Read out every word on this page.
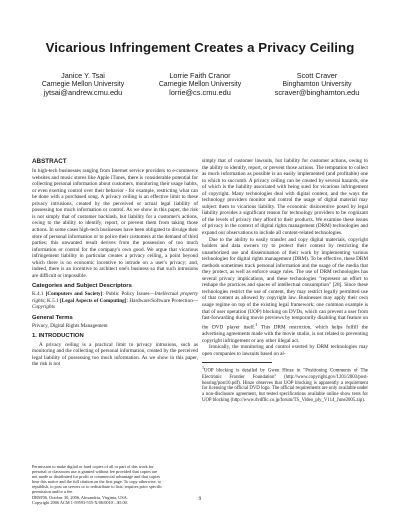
Vicarious Infringement Creates a Privacy Ceiling
Janice Y. Tsai
Carnegie Mellon University
jytsai@andrew.cmu.edu
Lorrie Faith Cranor
Carnegie Mellon University
lorrie@cs.cmu.edu
Scott Craver
Binghamton University
scraver@binghamton.edu
ABSTRACT

In high-tech businesses ranging from Internet service providers to e-commerce websites and music stores like Apple iTunes, there is considerable potential for collecting personal information about customers, monitoring their usage habits, or even exerting control over their behavior - for example, restricting what can be done with a purchased song. A privacy ceiling is an effective limit to these privacy intrusions, created by the perceived or actual legal liability of possessing too much information or control. As we show in this paper, the risk is not simply that of customer backlash, but liability for a customer's actions, owing to the ability to identify, report, or prevent them from taking those actions. In some cases high-tech businesses have been obligated to divulge their store of personal information or to police their customers at the demand of third parties; this unwanted result derives from the possession of too much information or control for the company's own good. We argue that vicarious infringement liability in particular creates a privacy ceiling, a point beyond which there is no economic incentive to intrude on a user's privacy; and, indeed, there is an incentive to architect one's business so that such intrusions are difficult or impossible.

Categories and Subject Descriptors

K.4.1 [Computers and Society]: Public Policy Issues—Intellectual property rights; K.5.1 [Legal Aspects of Computing]: Hardware/Software Protection—Copyrights

General Terms

Privacy, Digital Rights Management

1. INTRODUCTION

A privacy ceiling is a practical limit to privacy intrusions, such as monitoring and the collecting of personal information, created by the perceived legal liability of possessing too much information. As we show in this paper, the risk is not

Permission to make digital or hard copies of all or part of this work for
personal or classroom use is granted without fee provided that copies are
not made or distributed for profit or commercial advantage and that copies
bear this notice and the full citation on the first page. To copy otherwise, to
republish, to post on servers or to redistribute to lists, requires prior specific
permission and/or a fee.
DRM'06, October 30, 2006, Alexandria, Virginia, USA.
Copyright 2006 ACM 1-59593-555-X/06/0010 ...$5.00.

simply that of customer lawsuits, but liability for customer actions, owing to the ability to identify, report, or prevent those actions. The temptation to collect as much information as possible is an easily implemented (and profitable) one to which to succumb. A privacy ceiling can be created by several hazards, one of which is the liability associated with being sued for vicarious infringement of copyright. Many technologies deal with digital content, and the ways the technology providers monitor and control the usage of digital material may subject them to vicarious liability. The economic disincentive posed by legal liability provides a significant reason for technology providers to be cognizant of the levels of privacy they afford to their products. We examine these issues of privacy in the context of digital rights management (DRM) technologies and expand our observations to include all content-related technologies.

Due to the ability to easily transfer and copy digital materials, copyright holders and data owners try to protect their content by restricting the unauthorized use and dissemination of their work by implementing various technologies for digital rights management (DRM). To be effective, these DRM methods sometimes track personal information and the usage of the media that they protect, as well as enforce usage rules. The use of DRM technologies has several privacy implications, and these technologies "represent an effort to reshape the practices and spaces of intellectual consumption" [28]. Since these technologies restrict the use of content, they may restrict legally permitted use of that content as allowed by copyright law. Businesses may apply their own usage regime on top of the existing legal framework; one common example is that of user operation (UOP) blocking on DVDs, which can prevent a user from fast-forwarding during movie previews by temporarily disabling that feature on the DVD player itself.$^1$ This DRM restriction, which helps fulfill the advertising agreements made with the movie studio, is not related to preventing copyright infringement or any other illegal act.

Ironically, the monitoring and control exerted by DRM technologies may open companies to lawsuits based on al-

$^1$UOP blocking is detailed by Gwen Hinze in "Positioning Comments of The Electronic Frontier Foundation" (http://www.copyright.gov/1201/2003/post-hearing/post10.pdf). Hinze observes that UOP blocking is apparently a requirement for licensing the official DVD logo. The official requirements are only available under a non-disclosure agreement, but tested specifications available online show tests for UOP blocking (http://www.dvdfllc.co.jp/forum/TS_Video_ply_V114_June2005.zip).

9
